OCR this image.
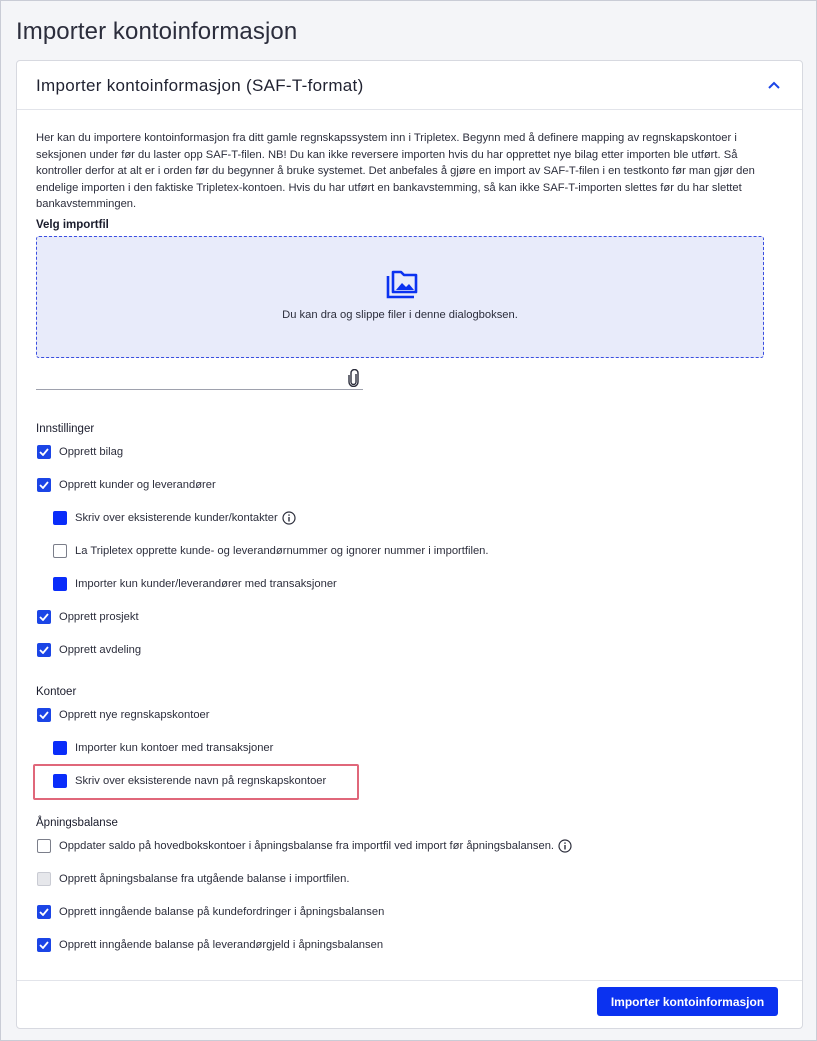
Importer kontoinformasjon
Importer kontoinformasjon (SAF-T-format)
Her kan du importere kontoinformasjon fra ditt gamle regnskapssystem inn i Tripletex. Begynn med å definere mapping av regnskapskontoer i seksjonen under før du laster opp SAF-T-filen. NB! Du kan ikke reversere importen hvis du har opprettet nye bilag etter importen ble utført. Så kontroller derfor at alt er i orden før du begynner å bruke systemet. Det anbefales å gjøre en import av SAF-T-filen i en testkonto før man gjør den endelige importen i den faktiske Tripletex-kontoen. Hvis du har utført en bankavstemming, så kan ikke SAF-T-importen slettes før du har slettet bankavstemmingen.
Velg importfil
Du kan dra og slippe filer i denne dialogboksen.
Innstillinger
Opprett bilag
Opprett kunder og leverandører
Skriv over eksisterende kunder/kontakter
La Tripletex opprette kunde- og leverandørnummer og ignorer nummer i importfilen.
Importer kun kunder/leverandører med transaksjoner
Opprett prosjekt
Opprett avdeling
Kontoer
Opprett nye regnskapskontoer
Importer kun kontoer med transaksjoner
Skriv over eksisterende navn på regnskapskontoer
Åpningsbalanse
Oppdater saldo på hovedbokskontoer i åpningsbalanse fra importfil ved import før åpningsbalansen.
Opprett åpningsbalanse fra utgående balanse i importfilen.
Opprett inngående balanse på kundefordringer i åpningsbalansen
Opprett inngående balanse på leverandørgjeld i åpningsbalansen
Importer kontoinformasjon
